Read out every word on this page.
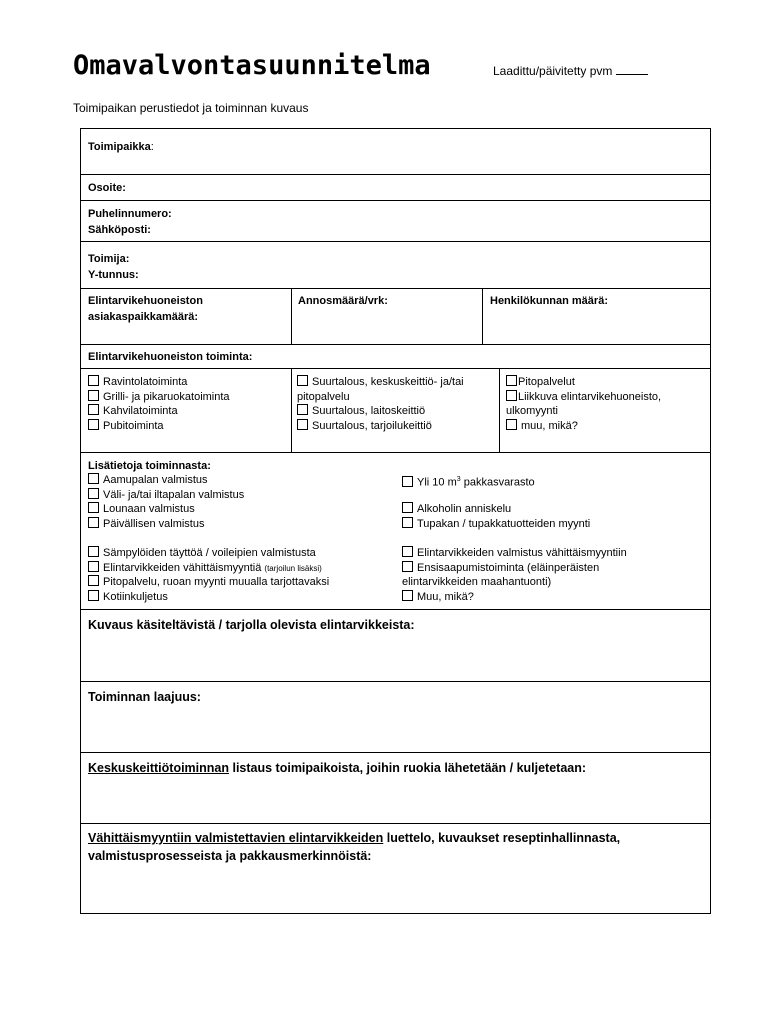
Omavalvontasuunnitelma	Laadittu/päivitetty pvm
Toimipaikan perustiedot ja toiminnan kuvaus
Toimipaikka:
Osoite:
Puhelinnumero:
Sähköposti:
Toimija:
Y-tunnus:
Elintarvikehuoneiston
asiakaspaikkamäärä:
Annosmäärä/vrk:	Henkilökunnan määrä:
Elintarvikehuoneiston toiminta:
Ravintolatoiminta
Grilli- ja pikaruokatoiminta
Kahvilatoiminta
Pubitoiminta
Suurtalous, keskuskeittiö- ja/tai
pitopalvelu
Suurtalous, laitoskeittiö
Suurtalous, tarjoilukeittiö
Pitopalvelut
Liikkuva elintarvikehuoneisto,
ulkomyynti
muu, mikä?
Lisätietoja toiminnasta:
Aamupalan valmistus
Väli- ja/tai iltapalan valmistus
Lounaan valmistus
Päivällisen valmistus
Sämpylöiden täyttöä / voileipien valmistusta
Elintarvikkeiden vähittäismyyntiä (tarjoilun lisäksi)
Pitopalvelu, ruoan myynti muualla tarjottavaksi
Kotiinkuljetus
Yli 10 $m^3$ pakkasvarasto
Alkoholin anniskelu
Tupakan / tupakkatuotteiden myynti
Elintarvikkeiden valmistus vähittäismyyntiin
Ensisaapumistoiminta (eläinperäisten
elintarvikkeiden maahantuonti)
Muu, mikä?
Kuvaus käsiteltävistä / tarjolla olevista elintarvikkeista:
Toiminnan laajuus:
Keskuskeittiötoiminnan listaus toimipaikoista, joihin ruokia lähetetään / kuljetetaan:
Vähittäismyyntiin valmistettavien elintarvikkeiden luettelo, kuvaukset reseptinhallinnasta,
valmistusprosesseista ja pakkausmerkinnöistä:
